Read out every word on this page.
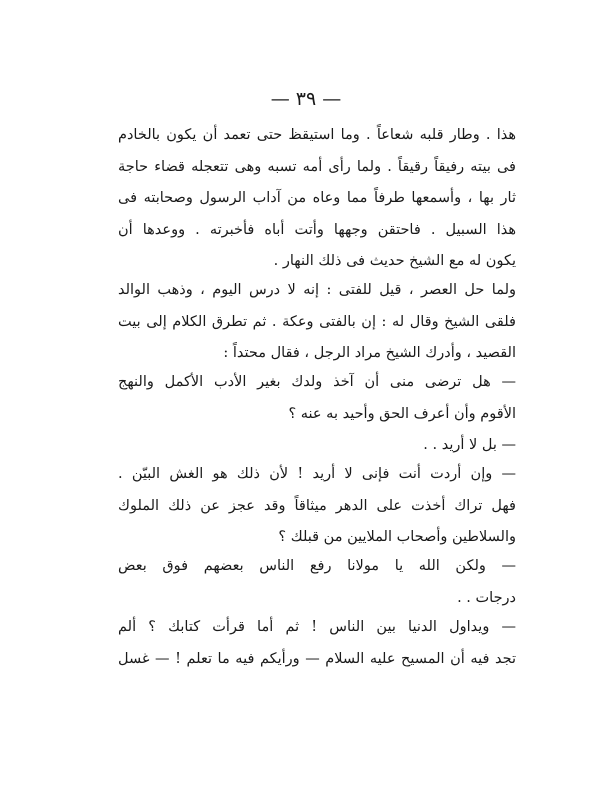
— ٣٩ —
هذا . وطار قلبه شعاعاً . وما استيقظ حتى تعمد أن يكون بالخادم
فى بيته رفيقاً رقيقاً . ولما رأى أمه تسبه وهى تتعجله قضاء حاجة
ثار بها ، وأسمعها طرفاً مما وعاه من آداب الرسول وصحابته فى
هذا السبيل . فاحتقن وجهها وأتت أباه فأخبرته . ووعدها أن
يكون له مع الشيخ حديث فى ذلك النهار .
ولما حل العصر ، قيل للفتى : إنه لا درس اليوم ، وذهب الوالد
فلقى الشيخ وقال له : إن بالفتى وعكة . ثم تطرق الكلام إلى بيت
القصيد ، وأدرك الشيخ مراد الرجل ، فقال محتداً :
— هل ترضى منى أن آخذ ولدك بغير الأدب الأكمل والنهج
الأقوم وأن أعرف الحق وأحيد به عنه ؟
— بل لا أريد . .
— وإن أردت أنت فإنى لا أريد ! لأن ذلك هو الغش البيّن .
فهل تراك أخذت على الدهر ميثاقاً وقد عجز عن ذلك الملوك
والسلاطين وأصحاب الملايين من قبلك ؟
— ولكن الله يا مولانا رفع الناس بعضهم فوق بعض
درجات . .
— ويداول الدنيا بين الناس ! ثم أما قرأت كتابك ؟ ألم
تجد فيه أن المسيح عليه السلام — ورأيكم فيه ما تعلم ! — غسل
